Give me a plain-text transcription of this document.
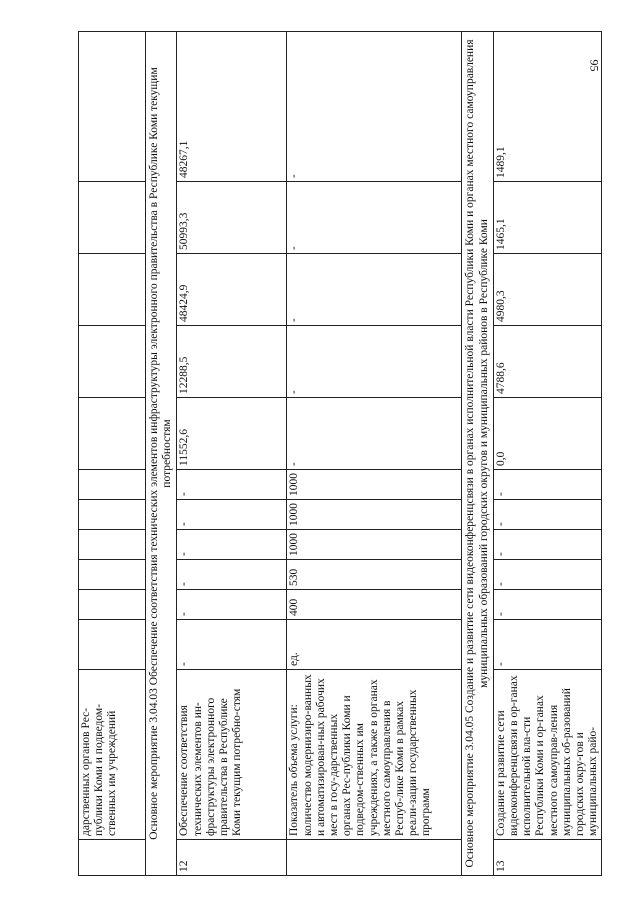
95
	дарственных органов Рес-публики Коми и подведом-ственных им учреждений											
Основное мероприятие 3.04.03 Обеспечение соответствия технических элементов инфраструктуры электронного правительства в Республике Коми текущим потребностям												
12	Обеспечение соответствия технических элементов ин-фраструктуры электронного правительства в Республике Коми текущим потребно-стям	-	-	-	-	-	-	11552,6	12288,5	48424,9	50993,3	48267,1
	Показатель объема услуги: количество модернизиро-ванных и автоматизирован-ных рабочих мест в госу-дарственных органах Рес-публики Коми и подведом-ственных им учреждениях, а также в органах местного самоуправления в Респуб-лике Коми в рамках реали-зации государственных программ	ед.	400	530	1000	1000	1000	-	-	-	-	-
Основное мероприятие 3.04.05 Создание и развитие сети видеоконференцсвязи в органах исполнительной власти Республики Коми и органах местного самоуправления муниципальных образований городских округов и муниципальных районов в Республике Коми												
13	Создание и развитие сети видеоконференцсвязи в ор-ганах исполнительной вла-сти Республики Коми и ор-ганах местного самоуправ-ления муниципальных об-разований городских окру-гов и муниципальных райо-	-	-	-	-	-	-	0,0	4788,6	4980,3	1465,1	1489,1
